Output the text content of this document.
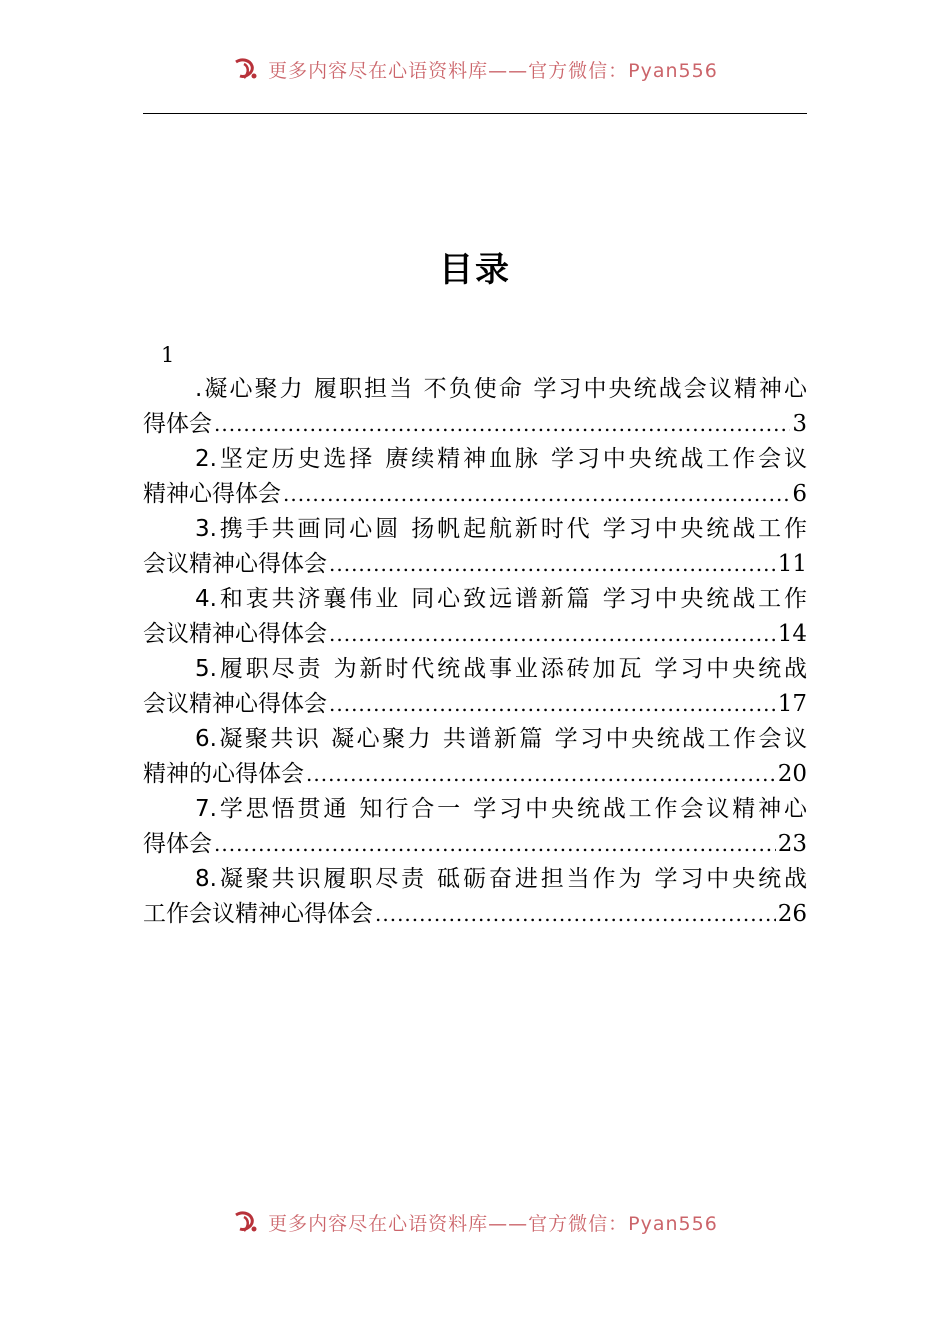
更多内容尽在心语资料库——官方微信：Pyan556
目录
1
.凝心聚力 履职担当 不负使命 学习中央统战会议精神心
得体会 .....	3
2.坚定历史选择 赓续精神血脉 学习中央统战工作会议
精神心得体会 .....	6
3.携手共画同心圆 扬帆起航新时代 学习中央统战工作
会议精神心得体会 .....	11
4.和衷共济襄伟业 同心致远谱新篇 学习中央统战工作
会议精神心得体会 .....	14
5.履职尽责 为新时代统战事业添砖加瓦 学习中央统战
会议精神心得体会 .....	17
6.凝聚共识 凝心聚力 共谱新篇 学习中央统战工作会议
精神的心得体会 .....	20
7.学思悟贯通 知行合一 学习中央统战工作会议精神心
得体会 .....	23
8.凝聚共识履职尽责 砥砺奋进担当作为 学习中央统战
工作会议精神心得体会 .....	26
更多内容尽在心语资料库——官方微信：Pyan556
